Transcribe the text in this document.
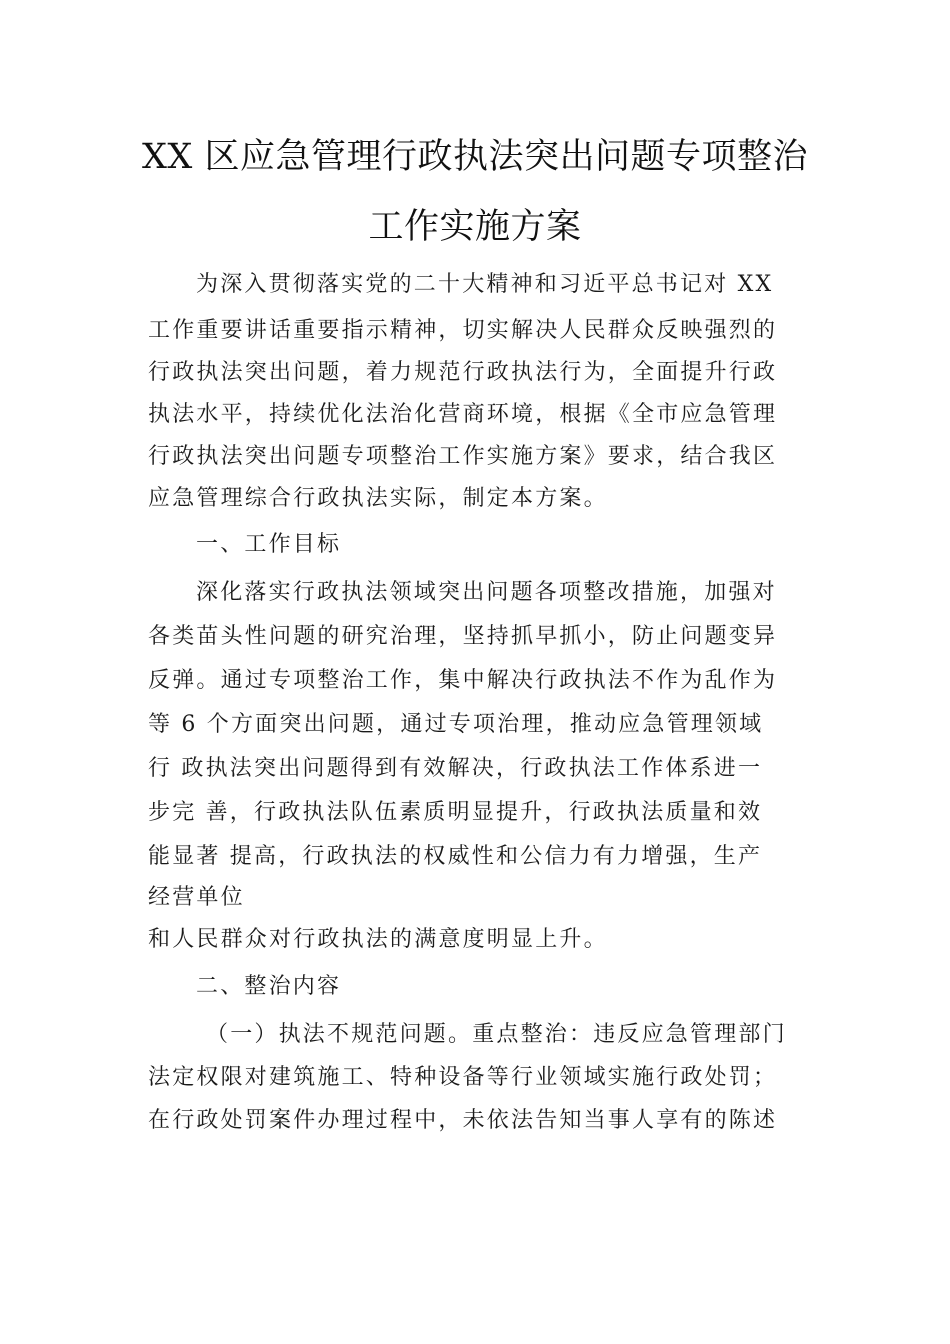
XX 区应急管理行政执法突出问题专项整治
工作实施方案
为深入贯彻落实党的二十大精神和习近平总书记对 XX
工作重要讲话重要指示精神，切实解决人民群众反映强烈的
行政执法突出问题，着力规范行政执法行为，全面提升行政
执法水平，持续优化法治化营商环境，根据《全市应急管理
行政执法突出问题专项整治工作实施方案》要求，结合我区
应急管理综合行政执法实际，制定本方案。
一、工作目标
深化落实行政执法领域突出问题各项整改措施，加强对
各类苗头性问题的研究治理，坚持抓早抓小，防止问题变异
反弹。通过专项整治工作，集中解决行政执法不作为乱作为
等 6 个方面突出问题，通过专项治理，推动应急管理领域
行 政执法突出问题得到有效解决，行政执法工作体系进一
步完 善，行政执法队伍素质明显提升，行政执法质量和效
能显著 提高，行政执法的权威性和公信力有力增强，生产
经营单位
和人民群众对行政执法的满意度明显上升。
二、整治内容
（一）执法不规范问题。重点整治：违反应急管理部门
法定权限对建筑施工、特种设备等行业领域实施行政处罚；
在行政处罚案件办理过程中，未依法告知当事人享有的陈述
